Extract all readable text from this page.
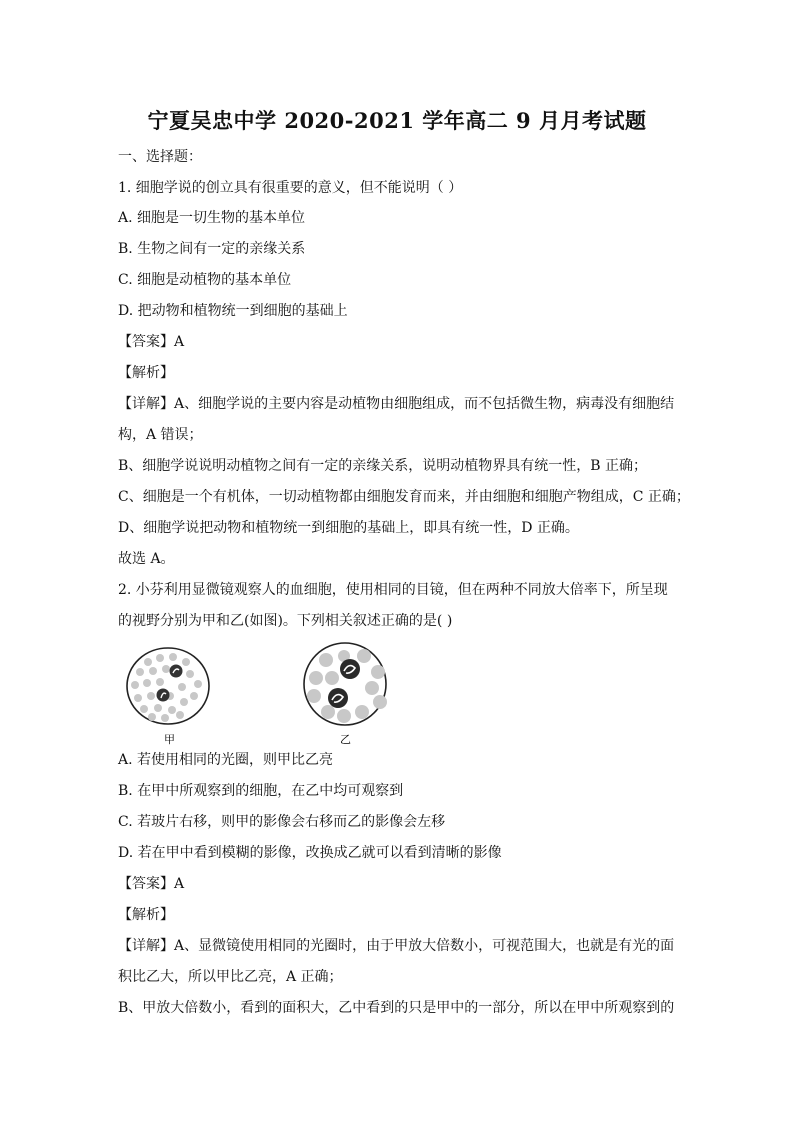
宁夏吴忠中学 2020-2021 学年高二 9 月月考试题
一、选择题：
1. 细胞学说的创立具有很重要的意义，但不能说明（ ）
A. 细胞是一切生物的基本单位
B. 生物之间有一定的亲缘关系
C. 细胞是动植物的基本单位
D. 把动物和植物统一到细胞的基础上
【答案】A
【解析】
【详解】A、细胞学说的主要内容是动植物由细胞组成，而不包括微生物，病毒没有细胞结
构，A 错误；
B、细胞学说说明动植物之间有一定的亲缘关系，说明动植物界具有统一性，B 正确；
C、细胞是一个有机体，一切动植物都由细胞发育而来，并由细胞和细胞产物组成，C 正确；
D、细胞学说把动物和植物统一到细胞的基础上，即具有统一性，D 正确。
故选 A。
2. 小芬利用显微镜观察人的血细胞，使用相同的目镜，但在两种不同放大倍率下，所呈现
的视野分别为甲和乙(如图)。下列相关叙述正确的是( )
甲	乙
A. 若使用相同的光圈，则甲比乙亮
B. 在甲中所观察到的细胞，在乙中均可观察到
C. 若玻片右移，则甲的影像会右移而乙的影像会左移
D. 若在甲中看到模糊的影像，改换成乙就可以看到清晰的影像
【答案】A
【解析】
【详解】A、显微镜使用相同的光圈时，由于甲放大倍数小，可视范围大，也就是有光的面
积比乙大，所以甲比乙亮，A 正确；
B、甲放大倍数小，看到的面积大，乙中看到的只是甲中的一部分，所以在甲中所观察到的
